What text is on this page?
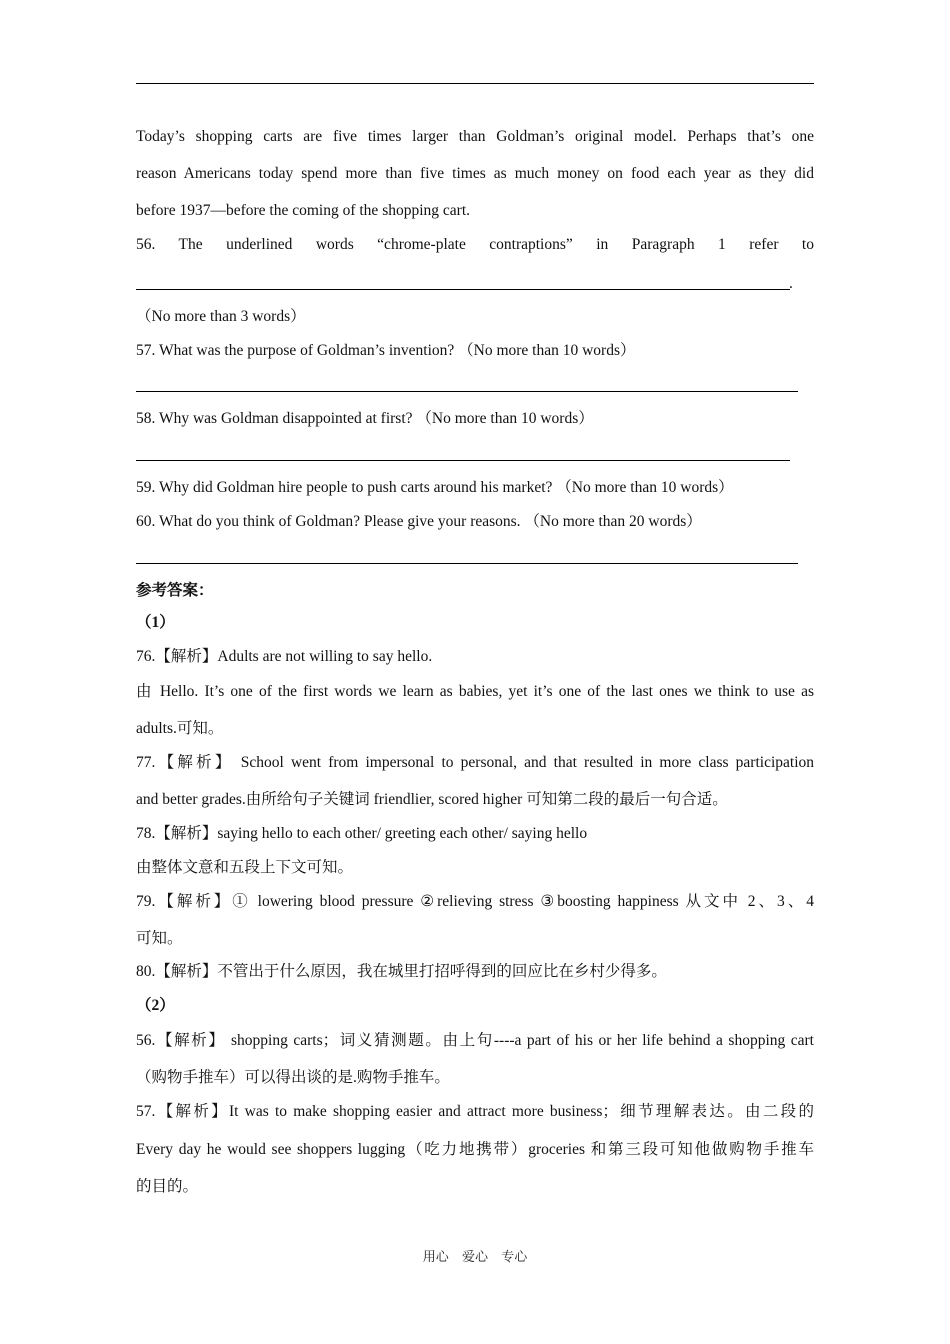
Today’s shopping carts are five times larger than Goldman’s original model. Perhaps that’s one
reason Americans today spend more than five times as much money on food each year as they did
before 1937—before the coming of the shopping cart.
56. The underlined words “chrome-plate contraptions” in Paragraph 1 refer to
.
（No more than 3 words）
57. What was the purpose of Goldman’s invention? （No more than 10 words）
58. Why was Goldman disappointed at first? （No more than 10 words）
59. Why did Goldman hire people to push carts around his market? （No more than 10 words）
60. What do you think of Goldman? Please give your reasons. （No more than 20 words）
参考答案：
（1）
76.【解析】Adults are not willing to say hello.
由 Hello. It’s one of the first words we learn as babies, yet it’s one of the last ones we think to use as
adults.可知。
77.【解析】 School went from impersonal to personal, and that resulted in more class participation
and better grades.由所给句子关键词 friendlier, scored higher 可知第二段的最后一句合适。
78.【解析】saying hello to each other/ greeting each other/ saying hello
由整体文意和五段上下文可知。
79.【解析】① lowering blood pressure ②relieving stress ③boosting happiness 从文中 2、3、4
可知。
80.【解析】不管出于什么原因，我在城里打招呼得到的回应比在乡村少得多。
（2）
56.【解析】 shopping carts；词义猜测题。由上句----a part of his or her life behind a shopping cart
（购物手推车）可以得出谈的是.购物手推车。
57.【解析】It was to make shopping easier and attract more business；细节理解表达。由二段的
Every day he would see shoppers lugging（吃力地携带）groceries 和第三段可知他做购物手推车
的目的。
用心 爱心 专心
